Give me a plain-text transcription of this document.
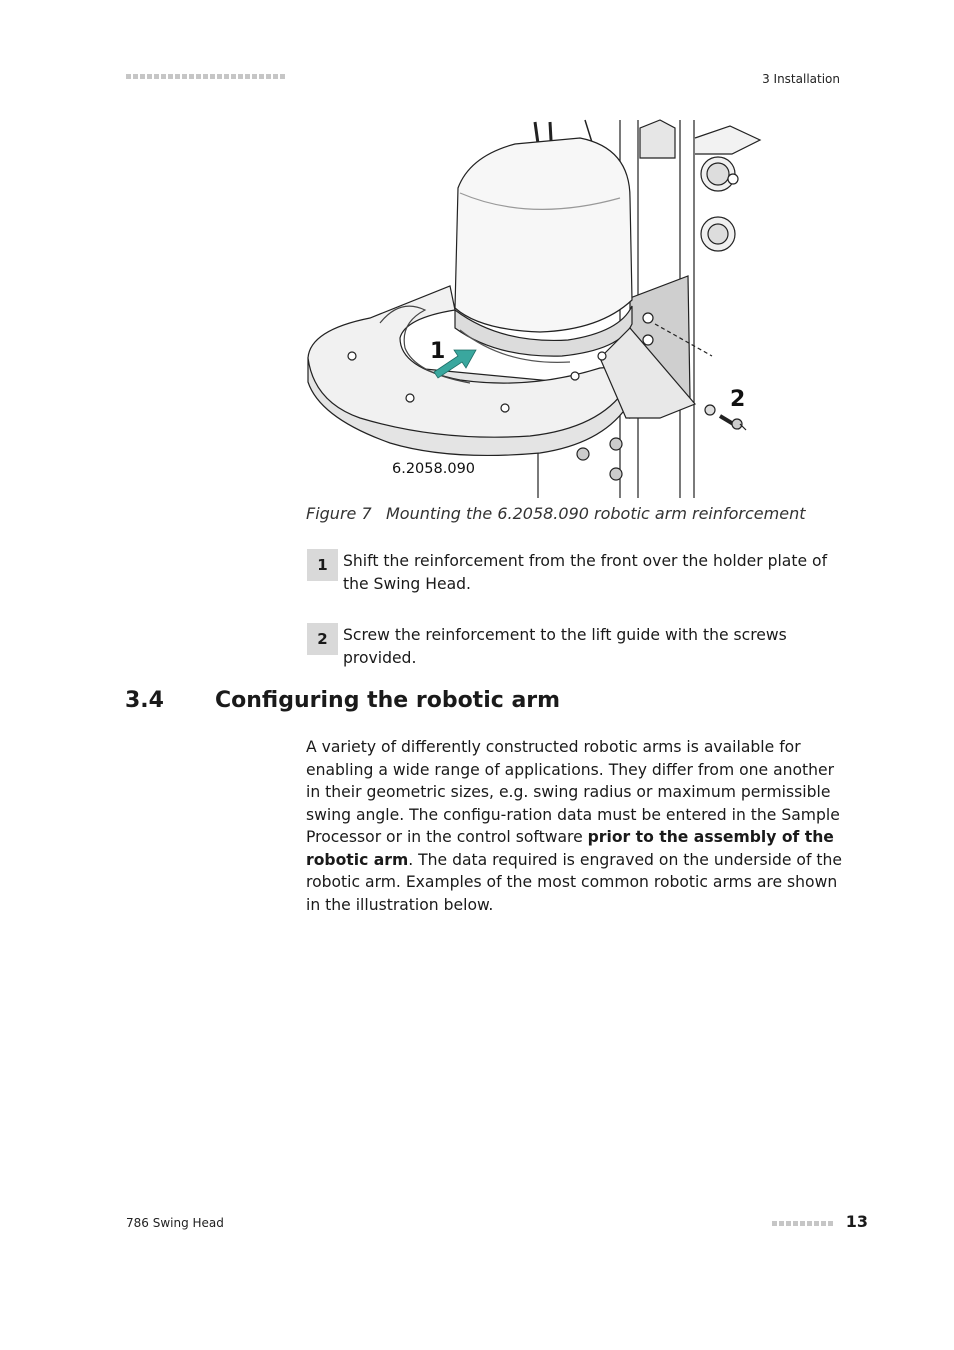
3 Installation
1
2
6.2058.090
Figure 7 Mounting the 6.2058.090 robotic arm reinforcement
1 Shift the reinforcement from the front over the holder plate of the Swing Head.
2 Screw the reinforcement to the lift guide with the screws provided.
3.4 Configuring the robotic arm
A variety of differently constructed robotic arms is available for enabling a wide range of applications. They differ from one another in their geometric sizes, e.g. swing radius or maximum permissible swing angle. The configu-ration data must be entered in the Sample Processor or in the control software prior to the assembly of the robotic arm. The data required is engraved on the underside of the robotic arm. Examples of the most common robotic arms are shown in the illustration below.
786 Swing Head	13
